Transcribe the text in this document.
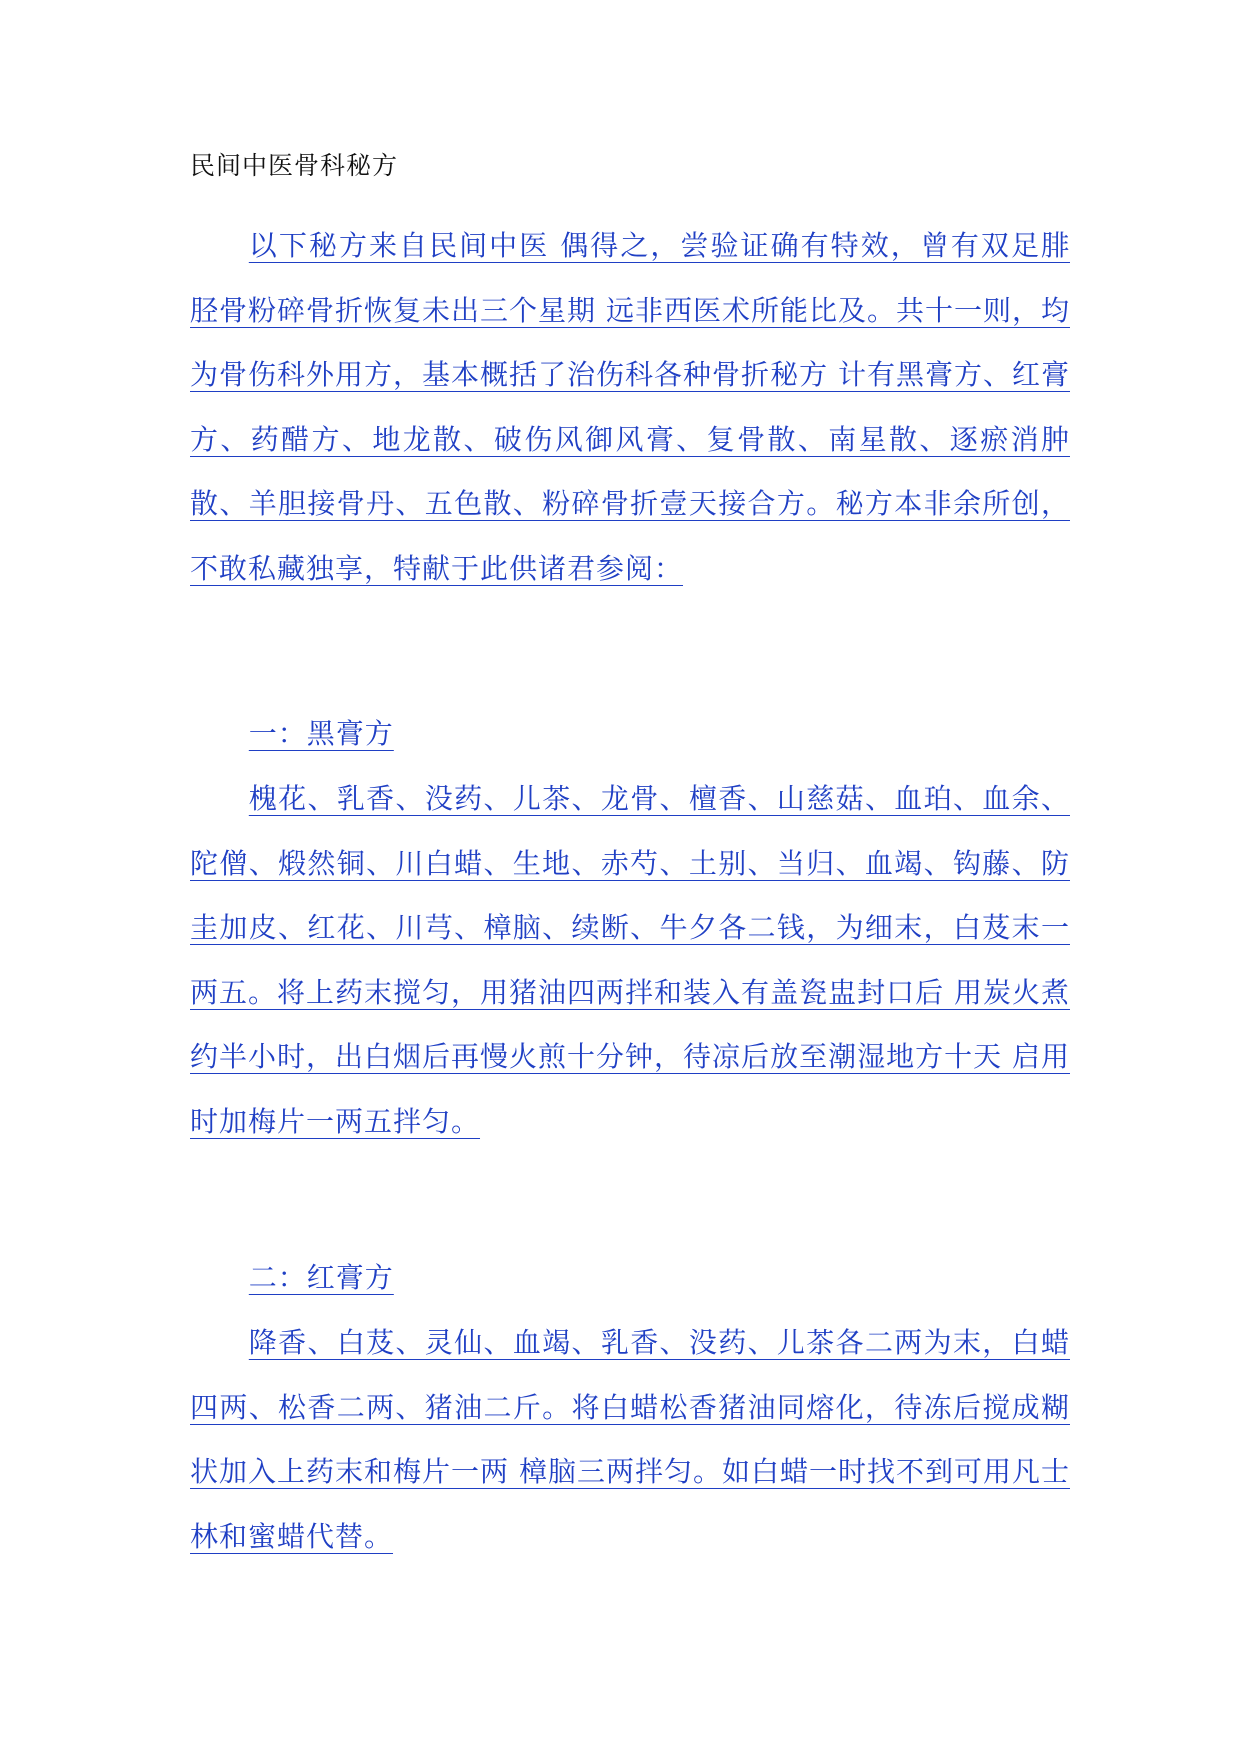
民间中医骨科秘方
以下秘方来自民间中医 偶得之，尝验证确有特效，曾有双足腓胫骨粉碎骨折恢复未出三个星期 远非西医术所能比及。共十一则，均为骨伤科外用方，基本概括了治伤科各种骨折秘方 计有黑膏方、红膏方、药醋方、地龙散、破伤风御风膏、复骨散、南星散、逐瘀消肿散、羊胆接骨丹、五色散、粉碎骨折壹天接合方。秘方本非余所创，不敢私藏独享，特献于此供诸君参阅：
一：黑膏方
槐花、乳香、没药、儿茶、龙骨、檀香、山慈菇、血珀、血余、陀僧、煅然铜、川白蜡、生地、赤芍、土别、当归、血竭、钩藤、防圭加皮、红花、川芎、樟脑、续断、牛夕各二钱，为细末，白芨末一两五。将上药末搅匀，用猪油四两拌和装入有盖瓷盅封口后 用炭火煮约半小时，出白烟后再慢火煎十分钟，待凉后放至潮湿地方十天 启用时加梅片一两五拌匀。
二：红膏方
降香、白芨、灵仙、血竭、乳香、没药、儿茶各二两为末，白蜡四两、松香二两、猪油二斤。将白蜡松香猪油同熔化，待冻后搅成糊状加入上药末和梅片一两 樟脑三两拌匀。如白蜡一时找不到可用凡士林和蜜蜡代替。
